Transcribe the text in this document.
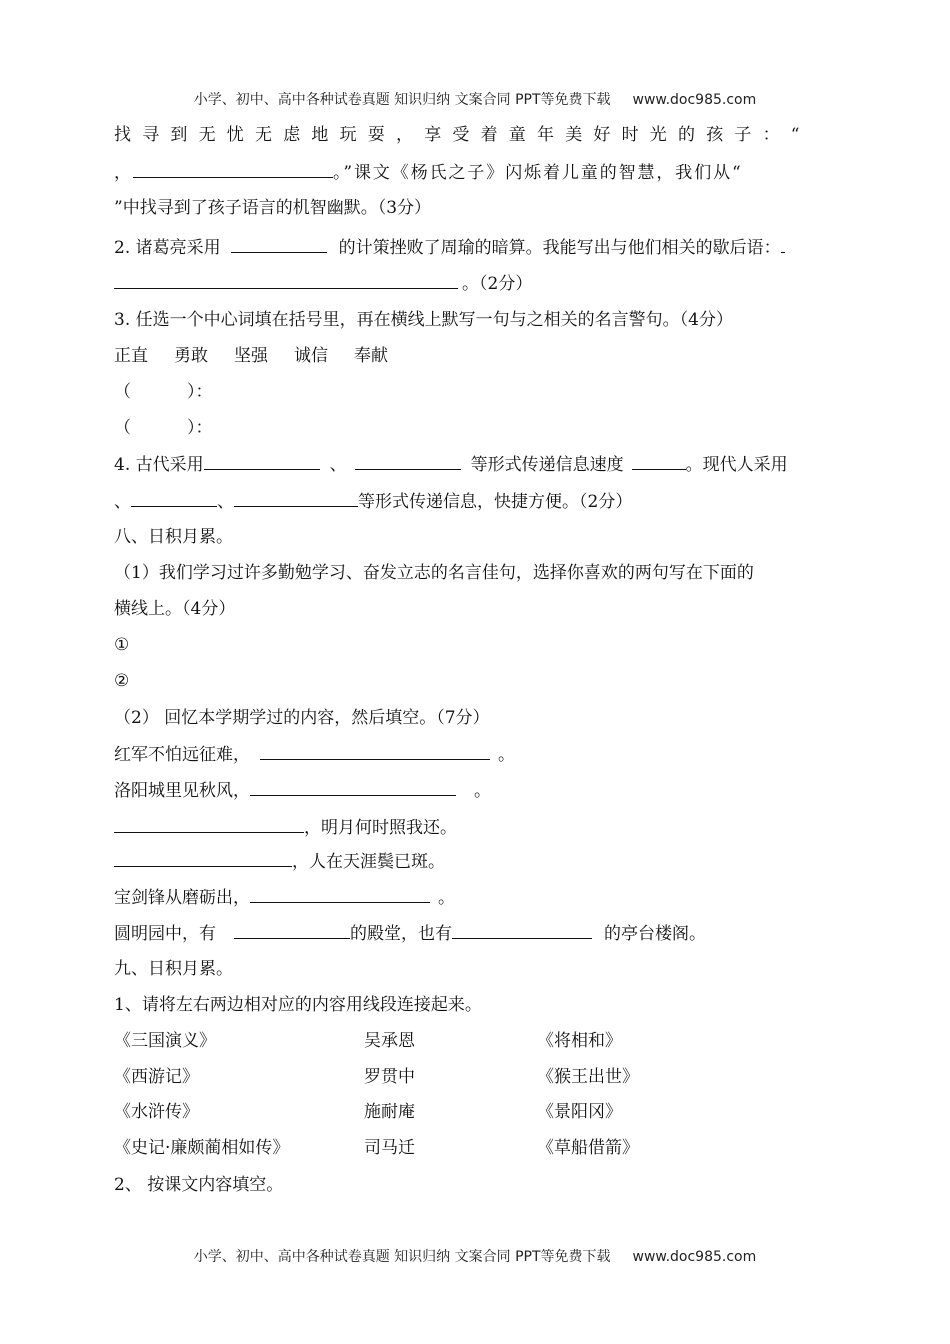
小学、初中、高中各种试卷真题 知识归纳 文案合同 PPT等免费下载 www.doc985.com
找寻到无忧无虑地玩耍，享受着童年美好时光的孩子：“
，	。”课文《杨氏之子》闪烁着儿童的智慧，我们从“
”中找寻到了孩子语言的机智幽默。（3分）
2. 诸葛亮采用	的计策挫败了周瑜的暗算。我能写出与他们相关的歇后语：
。（2分）
3. 任选一个中心词填在括号里，再在横线上默写一句与之相关的名言警句。（4分）
正直 勇敢 坚强 诚信 奉献
（	）：
（	）：
4. 古代采用	、	等形式传递信息速度	。现代人采用
、	、	等形式传递信息，快捷方便。（2分）
八、日积月累。
（1）我们学习过许多勤勉学习、奋发立志的名言佳句，选择你喜欢的两句写在下面的
横线上。（4分）
①
②
（2） 回忆本学期学过的内容，然后填空。（7分）
红军不怕远征难，	。
洛阳城里见秋风，	。
，明月何时照我还。
，人在天涯鬓已斑。
宝剑锋从磨砺出，	。
圆明园中，有	的殿堂，也有	的亭台楼阁。
九、日积月累。
1、请将左右两边相对应的内容用线段连接起来。
《三国演义》	吴承恩	《将相和》
《西游记》	罗贯中	《猴王出世》
《水浒传》	施耐庵	《景阳冈》
《史记·廉颇蔺相如传》	司马迁	《草船借箭》
2、 按课文内容填空。
小学、初中、高中各种试卷真题 知识归纳 文案合同 PPT等免费下载 www.doc985.com
